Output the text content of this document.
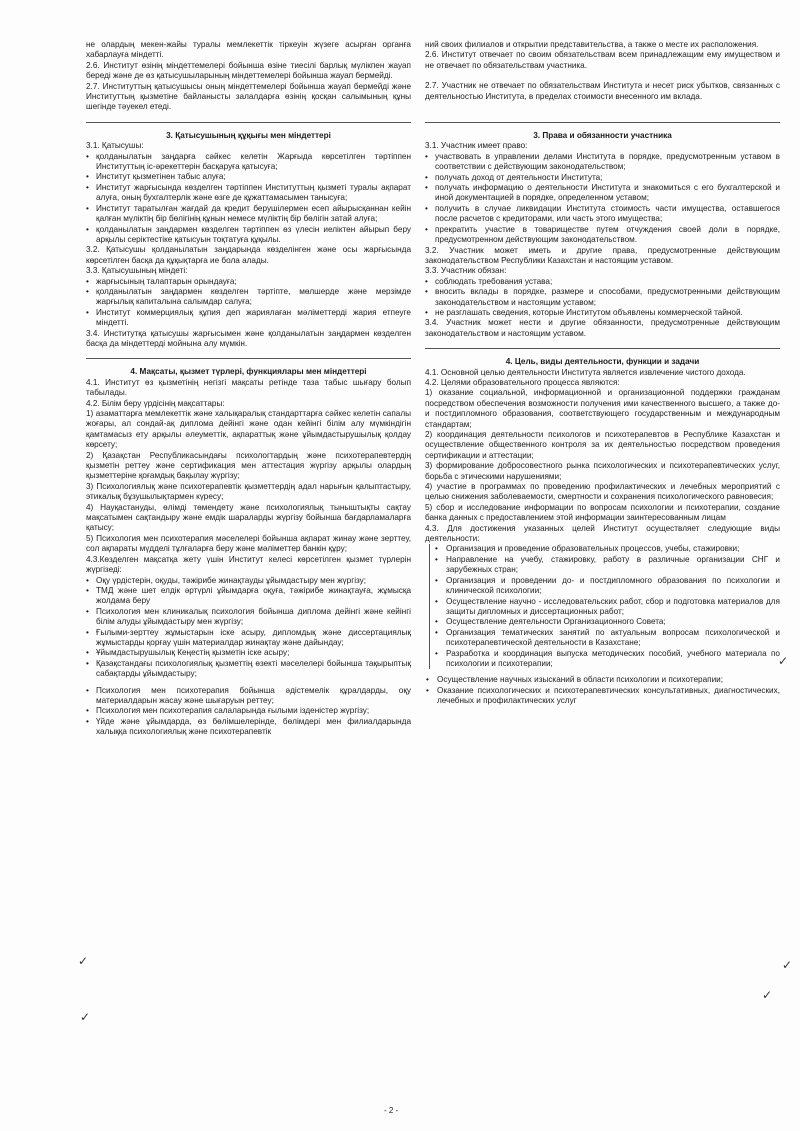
не олардың мекен-жайы туралы мемлекеттік тіркеуін жүзеге асырған органға хабарлауға міндетті.

2.6. Институт өзінің міндеттемелері бойынша өзіне тиесілі барлық мүлікпен жауап береді және де өз қатысушыларының міндеттемелері бойынша жауап бермейді.

2.7. Институттың қатысушысы оның міндеттемелері бойынша жауап бермейді және Институттың қызметіне байланысты залалдарға өзінің қосқан салымының құны шегінде тәуекел етеді.

3. Қатысушының құқығы мен міндеттері

3.1. Қатысушы:

• қолданылатын заңдарға сәйкес келетін Жарғыда көрсетілген тәртіппен Институттың іс-әрекеттерін басқаруға қатысуға;

• Институт қызметінен табыс алуға;

• Институт жарғысында көзделген тәртіппен Институттың қызметі туралы ақпарат алуға, оның бухгалтерлік және өзге де құжаттамасымен танысуға;

• Институт таратылған жағдай да кредит берушілермен есеп айырысқаннан кейін қалған мүліктің бір бөлігінің құнын немесе мүліктің бір бөлігін затай алуға;

• қолданылатын заңдармен көзделген тәртіппен өз үлесін иеліктен айырып беру арқылы серіктестіке қатысуын тоқтатуға құқылы.

3.2. Қатысушы қолданылатын заңдарында көзделінген және осы жарғысында көрсетілген басқа да құқықтарға ие бола алады.

3.3. Қатысушының міндеті:

• жарғысының талаптарын орындауға;

• қолданылатын заңдармен көзделген тәртіпте, мөлшерде және мерзімде жарғылық капиталына салымдар салуға;

• Институт коммерциялық құпия деп жариялаған мәліметтерді жария етпеуге міндетті.

3.4. Институтқа қатысушы жарғысымен және қолданылатын заңдармен көзделген басқа да міндеттерді мойнына алу мүмкін.

4. Мақсаты, қызмет түрлері, функциялары мен міндеттері

4.1. Институт өз қызметінің негізгі мақсаты ретінде таза табыс шығару болып табылады.

4.2. Білім беру үрдісінің мақсаттары:

1) азаматтарға мемлекеттік және халықаралық стандарттарға сәйкес келетін сапалы жоғары, ал сондай-ақ диплома дейінгі және одан кейінгі білім алу мүмкіндігін қамтамасыз ету арқылы әлеуметтік, ақпараттық және ұйымдастырушылық қолдау көрсету;

2) Қазақстан Республикасындағы психологтардың және психотерапевтердің қызметін реттеу және сертификация мен аттестация жүргізу арқылы олардың қызметтеріне қоғамдық бақылау жүргізу;

3) Психологиялық және психотерапевтік қызметтердің адал нарығын қалыптастыру, этикалық бұзушылықтармен күресу;

4) Науқастануды, өлімді төмендету және психологиялық тыныштықты сақтау мақсатымен сақтандыру және емдік шараларды жүргізу бойынша бағдарламаларға қатысу;

5) Психология мен психотерапия мәселелері бойынша ақпарат жинау және зерттеу, сол ақпараты мүдделі тұлғаларға беру және мәліметтер банкін құру;

4.3.Көзделген мақсатқа жету үшін Институт келесі көрсетілген қызмет түрлерін жүргізеді:

• Оқу үрдістерін, оқуды, тәжірибе жинақтауды ұйымдастыру мен жүргізу;

• ТМД және шет елдік әртүрлі ұйымдарға оқуға, тәжірибе жинақтауға, жұмысқа жолдама беру

• Психология мен клиникалық психология бойынша диплома дейінгі және кейінгі білім алуды ұйымдастыру мен жүргізу;

• Ғылыми-зерттеу жұмыстарын іске асыру, дипломдық және диссертациялық жұмыстарды қорғау үшін материалдар жинақтау және дайындау;

• Ұйымдастырушылық Кеңестің қызметін іске асыру;

• Қазақстандағы психологиялық қызметтің өзекті мәселелері бойынша тақырыптық сабақтарды ұйымдастыру;

• Психология мен психотерапия бойынша әдістемелік құралдарды, оқу материалдарын жасау және шығаруын реттеу;

• Психология мен психотерапия салаларында ғылыми ізденістер жүргізу;

• Үйде және ұйымдарда, өз бөлімшелерінде, бөлімдері мен филиалдарында халыққа психологиялық және психотерапевтік

ний своих филиалов и открытии представительства, а также о месте их расположения.

2.6. Институт отвечает по своим обязательствам всем принадлежащим ему имуществом и не отвечает по обязательствам участника.

2.7. Участник не отвечает по обязательствам Института и несет риск убытков, связанных с деятельностью Института, в пределах стоимости внесенного им вклада.

3. Права и обязанности участника

3.1. Участник имеет право:

• участвовать в управлении делами Института в порядке, предусмотренным уставом в соответствии с действующим законодательством;

• получать доход от деятельности Института;

• получать информацию о деятельности Института и знакомиться с его бухгалтерской и иной документацией в порядке, определенном уставом;

• получить в случае ликвидации Института стоимость части имущества, оставшегося после расчетов с кредиторами, или часть этого имущества;

• прекратить участие в товариществе путем отчуждения своей доли в порядке, предусмотренном действующим законодательством.

3.2. Участник может иметь и другие права, предусмотренные действующим законодательством Республики Казахстан и настоящим уставом.

3.3. Участник обязан:

• соблюдать требования устава;

• вносить вклады в порядке, размере и способами, предусмотренными действующим законодательством и настоящим уставом;

• не разглашать сведения, которые Институтом объявлены коммерческой тайной.

3.4. Участник может нести и другие обязанности, предусмотренные действующим законодательством и настоящим уставом.

4. Цель, виды деятельности, функции и задачи

4.1. Основной целью деятельности Института является извлечение чистого дохода.

4.2. Целями образовательного процесса являются:

1) оказание социальной, информационной и организационной поддержки гражданам посредством обеспечения возможности получения ими качественного высшего, а также до- и постдипломного образования, соответствующего государственным и международным стандартам;

2) координация деятельности психологов и психотерапевтов в Республике Казахстан и осуществление общественного контроля за их деятельностью посредством проведения сертификации и аттестации;

3) формирование добросовестного рынка психологических и психотерапевтических услуг, борьба с этическими нарушениями;

4) участие в программах по проведению профилактических и лечебных мероприятий с целью снижения заболеваемости, смертности и сохранения психологического равновесия;

5) сбор и исследование информации по вопросам психологии и психотерапии, создание банка данных с предоставлением этой информации заинтересованным лицам

4.3. Для достижения указанных целей Институт осуществляет следующие виды деятельности:

• Организация и проведение образовательных процессов, учебы, стажировки;

• Направление на учебу, стажировку, работу в различные организации СНГ и зарубежных стран;

• Организация и проведении до- и постдипломного образования по психологии и клинической психологии;

• Осуществление научно - исследовательских работ, сбор и подготовка материалов для защиты дипломных и диссертационных работ;

• Осуществление деятельности Организационного Совета;

• Организация тематических занятий по актуальным вопросам психологической и психотерапевтической деятельности в Казахстане;

• Разработка и координация выпуска методических пособий, учебного материала по психологии и психотерапии;

• Осуществление научных изысканий в области психологии и психотерапии;

• Оказание психологических и психотерапевтических консультативных, диагностических, лечебных и профилактических услуг

✓
✓
✓
✓
✓
- 2 -
